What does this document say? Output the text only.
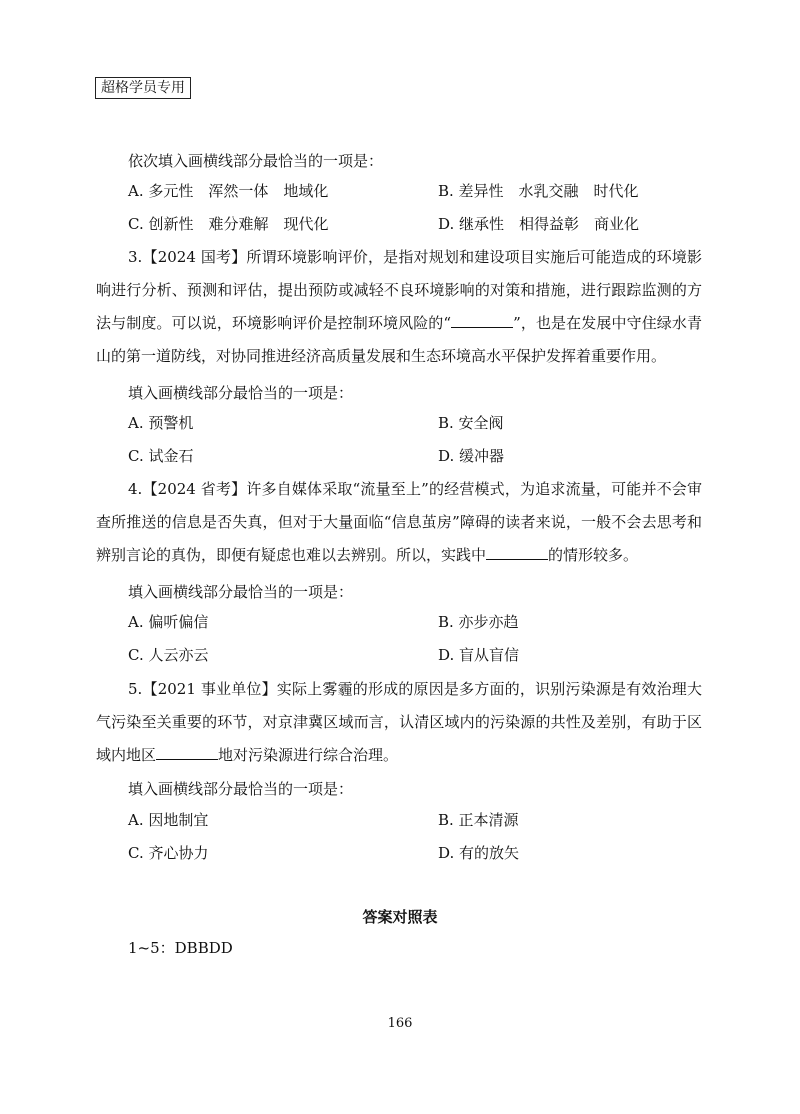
超格学员专用
依次填入画横线部分最恰当的一项是：
A. 多元性　浑然一体　地域化	B. 差异性　水乳交融　时代化
C. 创新性　难分难解　现代化	D. 继承性　相得益彰　商业化
3.【2024 国考】所谓环境影响评价，是指对规划和建设项目实施后可能造成的环境影响进行分析、预测和评估，提出预防或减轻不良环境影响的对策和措施，进行跟踪监测的方法与制度。可以说，环境影响评价是控制环境风险的“	”，也是在发展中守住绿水青山的第一道防线，对协同推进经济高质量发展和生态环境高水平保护发挥着重要作用。
填入画横线部分最恰当的一项是：
A. 预警机	B. 安全阀
C. 试金石	D. 缓冲器
4.【2024 省考】许多自媒体采取“流量至上”的经营模式，为追求流量，可能并不会审查所推送的信息是否失真，但对于大量面临“信息茧房”障碍的读者来说，一般不会去思考和辨别言论的真伪，即便有疑虑也难以去辨别。所以，实践中	的情形较多。
填入画横线部分最恰当的一项是：
A. 偏听偏信	B. 亦步亦趋
C. 人云亦云	D. 盲从盲信
5.【2021 事业单位】实际上雾霾的形成的原因是多方面的，识别污染源是有效治理大气污染至关重要的环节，对京津冀区域而言，认清区域内的污染源的共性及差别，有助于区域内地区	地对污染源进行综合治理。
填入画横线部分最恰当的一项是：
A. 因地制宜	B. 正本清源
C. 齐心协力	D. 有的放矢
答案对照表
1~5：DBBDD
166
